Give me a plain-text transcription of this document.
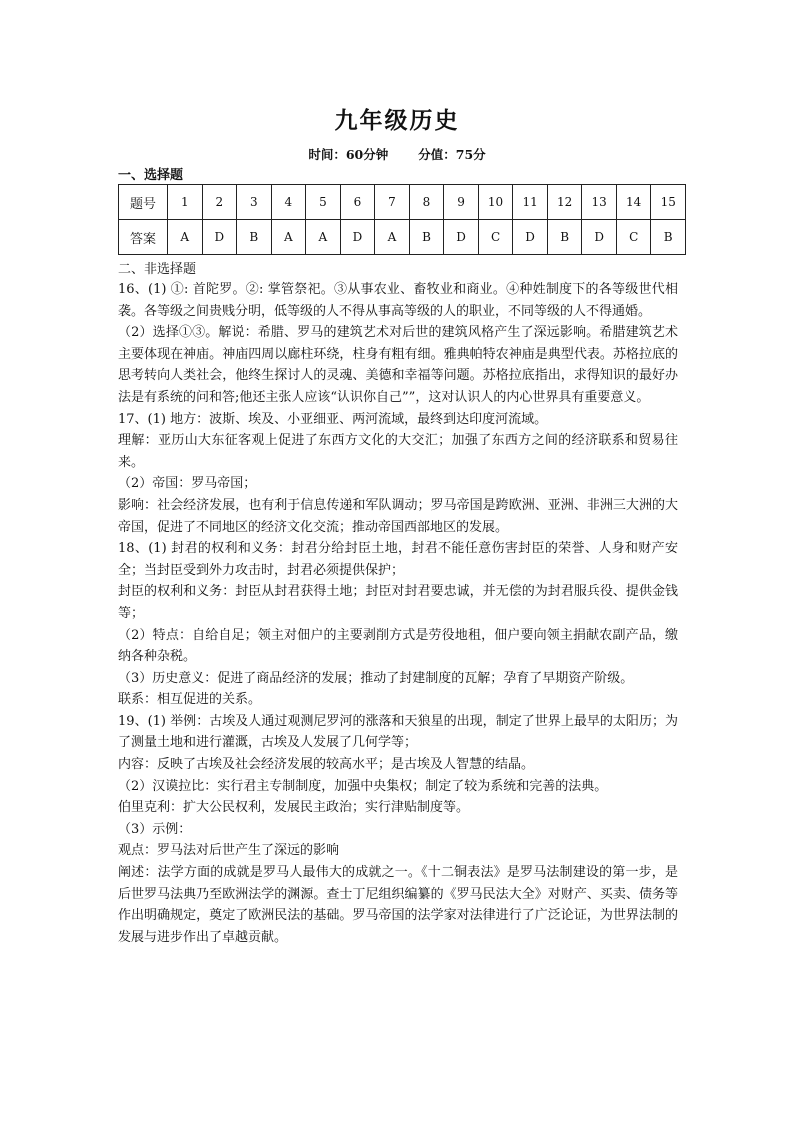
九年级历史
时间：60分钟 分值：75分
一、选择题
题号	1	2	3	4	5	6	7	8	9	10	11	12	13	14	15
答案	A	D	B	A	A	D	A	B	D	C	D	B	D	C	B
二、非选择题

16、(1) ①: 首陀罗。②: 掌管祭祀。③从事农业、畜牧业和商业。④种姓制度下的各等级世代相袭。各等级之间贵贱分明，低等级的人不得从事高等级的人的职业，不同等级的人不得通婚。

（2）选择①③。解说：希腊、罗马的建筑艺术对后世的建筑风格产生了深远影响。希腊建筑艺术主要体现在神庙。神庙四周以廊柱环绕，柱身有粗有细。雅典帕特农神庙是典型代表。苏格拉底的思考转向人类社会，他终生探讨人的灵魂、美德和幸福等问题。苏格拉底指出，求得知识的最好办法是有系统的问和答;他还主张人应该“认识你自己””，这对认识人的内心世界具有重要意义。

17、(1) 地方：波斯、埃及、小亚细亚、两河流域，最终到达印度河流域。

理解：亚历山大东征客观上促进了东西方文化的大交汇；加强了东西方之间的经济联系和贸易往来。

（2）帝国：罗马帝国；

影响：社会经济发展，也有利于信息传递和军队调动；罗马帝国是跨欧洲、亚洲、非洲三大洲的大帝国，促进了不同地区的经济文化交流；推动帝国西部地区的发展。

18、(1) 封君的权利和义务：封君分给封臣土地，封君不能任意伤害封臣的荣誉、人身和财产安全；当封臣受到外力攻击时，封君必须提供保护；

封臣的权利和义务：封臣从封君获得土地；封臣对封君要忠诚，并无偿的为封君服兵役、提供金钱等；

（2）特点：自给自足；领主对佃户的主要剥削方式是劳役地租，佃户要向领主捐献农副产品，缴纳各种杂税。

（3）历史意义：促进了商品经济的发展；推动了封建制度的瓦解；孕育了早期资产阶级。

联系：相互促进的关系。

19、(1) 举例：古埃及人通过观测尼罗河的涨落和天狼星的出现，制定了世界上最早的太阳历；为了测量土地和进行灌溉，古埃及人发展了几何学等；

内容：反映了古埃及社会经济发展的较高水平；是古埃及人智慧的结晶。

（2）汉谟拉比：实行君主专制制度，加强中央集权；制定了较为系统和完善的法典。

伯里克利：扩大公民权利，发展民主政治；实行津贴制度等。

（3）示例：

观点：罗马法对后世产生了深远的影响

阐述：法学方面的成就是罗马人最伟大的成就之一。《十二铜表法》是罗马法制建设的第一步，是后世罗马法典乃至欧洲法学的渊源。查士丁尼组织编纂的《罗马民法大全》对财产、买卖、债务等作出明确规定，奠定了欧洲民法的基础。罗马帝国的法学家对法律进行了广泛论证，为世界法制的发展与进步作出了卓越贡献。
